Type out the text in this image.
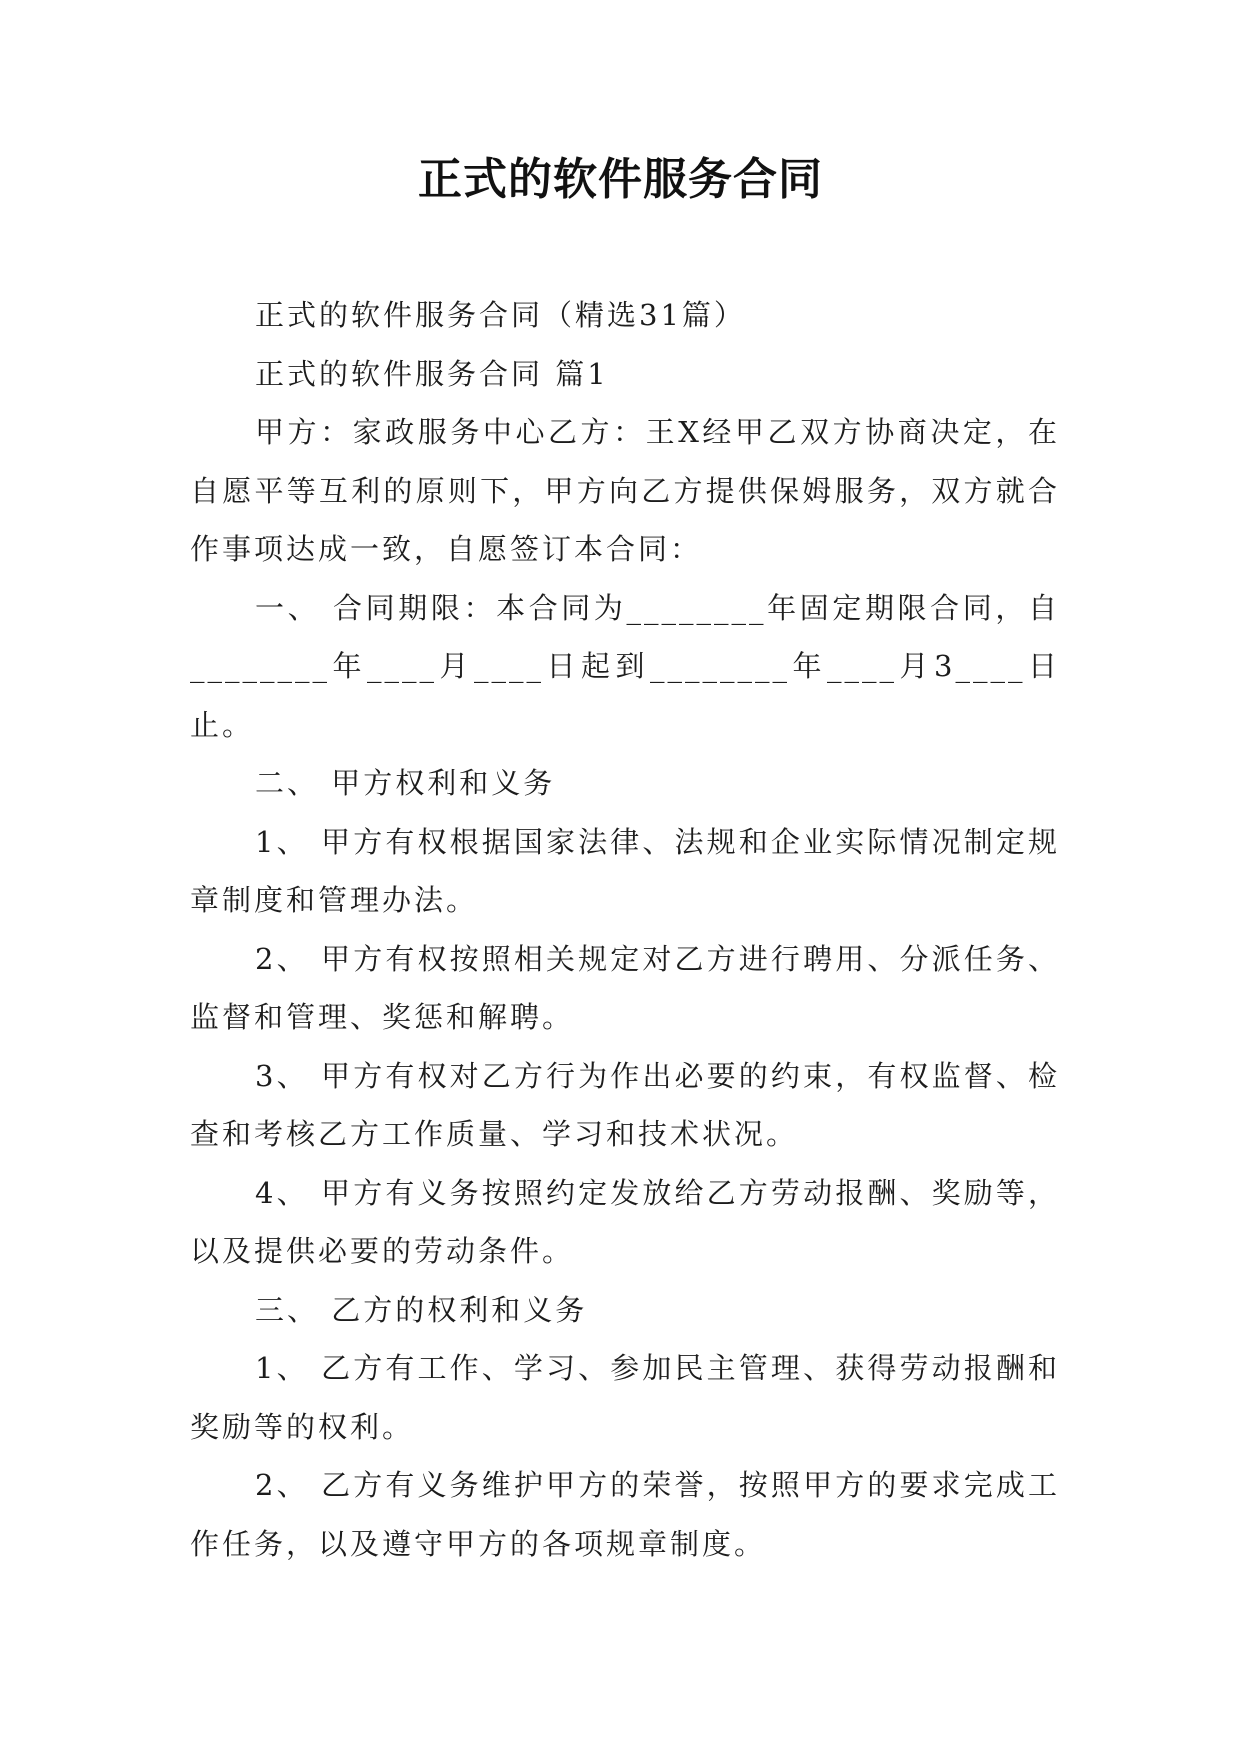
正式的软件服务合同

正式的软件服务合同（精选31篇）

正式的软件服务合同 篇1

甲方：家政服务中心乙方：王X经甲乙双方协商决定，在自愿平等互利的原则下，甲方向乙方提供保姆服务，双方就合作事项达成一致，自愿签订本合同：

一、 合同期限：本合同为________年固定期限合同，自________年____月____日起到________年____月3____日止。

二、 甲方权利和义务

1、 甲方有权根据国家法律、法规和企业实际情况制定规章制度和管理办法。

2、 甲方有权按照相关规定对乙方进行聘用、分派任务、监督和管理、奖惩和解聘。

3、 甲方有权对乙方行为作出必要的约束，有权监督、检查和考核乙方工作质量、学习和技术状况。

4、 甲方有义务按照约定发放给乙方劳动报酬、奖励等，以及提供必要的劳动条件。

三、 乙方的权利和义务

1、 乙方有工作、学习、参加民主管理、获得劳动报酬和奖励等的权利。

2、 乙方有义务维护甲方的荣誉，按照甲方的要求完成工作任务，以及遵守甲方的各项规章制度。
